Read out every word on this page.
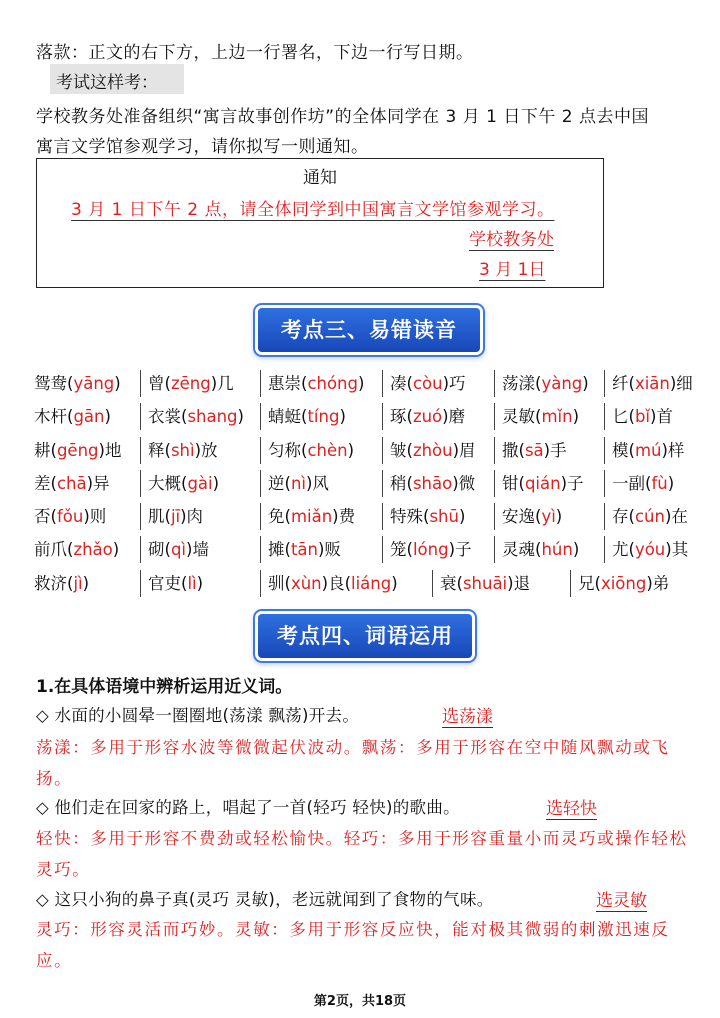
落款：正文的右下方，上边一行署名，下边一行写日期。
考试这样考：
学校教务处准备组织“寓言故事创作坊”的全体同学在 3 月 1 日下午 2 点去中国
寓言文学馆参观学习，请你拟写一则通知。
通知
3 月 1 日下午 2 点，请全体同学到中国寓言文学馆参观学习。
学校教务处
3 月 1日
考点三、易错读音
鸳鸯(yāng) 曾(zēng)几 惠崇(chóng) 凑(còu)巧 荡漾(yàng) 纤(xiān)细
木杆(gān) 衣裳(shang) 蜻蜓(tíng)	琢(zuó)磨 灵敏(mǐn) 匕(bǐ)首
耕(gēng)地 释(shì)放	匀称(chèn) 皱(zhòu)眉 撒(sā)手	模(mú)样
差(chā)异 大概(gài)	逆(nì)风	稍(shāo)微 钳(qián)子 一副(fù)
否(fǒu)则	肌(jī)肉	免(miǎn)费 特殊(shū) 安逸(yì)	存(cún)在
前爪(zhǎo) 砌(qì)墙	摊(tān)贩	笼(lóng)子 灵魂(hún) 尤(yóu)其
救济(jì)	官吏(lì)	驯(xùn)良(liáng)	衰(shuāi)退	兄(xiōng)弟
考点四、词语运用
1.在具体语境中辨析运用近义词。
◇ 水面的小圆晕一圈圈地(荡漾 飘荡)开去。	选荡漾
荡漾：多用于形容水波等微微起伏波动。飘荡：多用于形容在空中随风飘动或飞扬。
◇ 他们走在回家的路上，唱起了一首(轻巧 轻快)的歌曲。	选轻快
轻快：多用于形容不费劲或轻松愉快。轻巧：多用于形容重量小而灵巧或操作轻松灵巧。
◇ 这只小狗的鼻子真(灵巧 灵敏)，老远就闻到了食物的气味。	选灵敏
灵巧：形容灵活而巧妙。灵敏：多用于形容反应快，能对极其微弱的刺激迅速反应。
第2页，共18页
